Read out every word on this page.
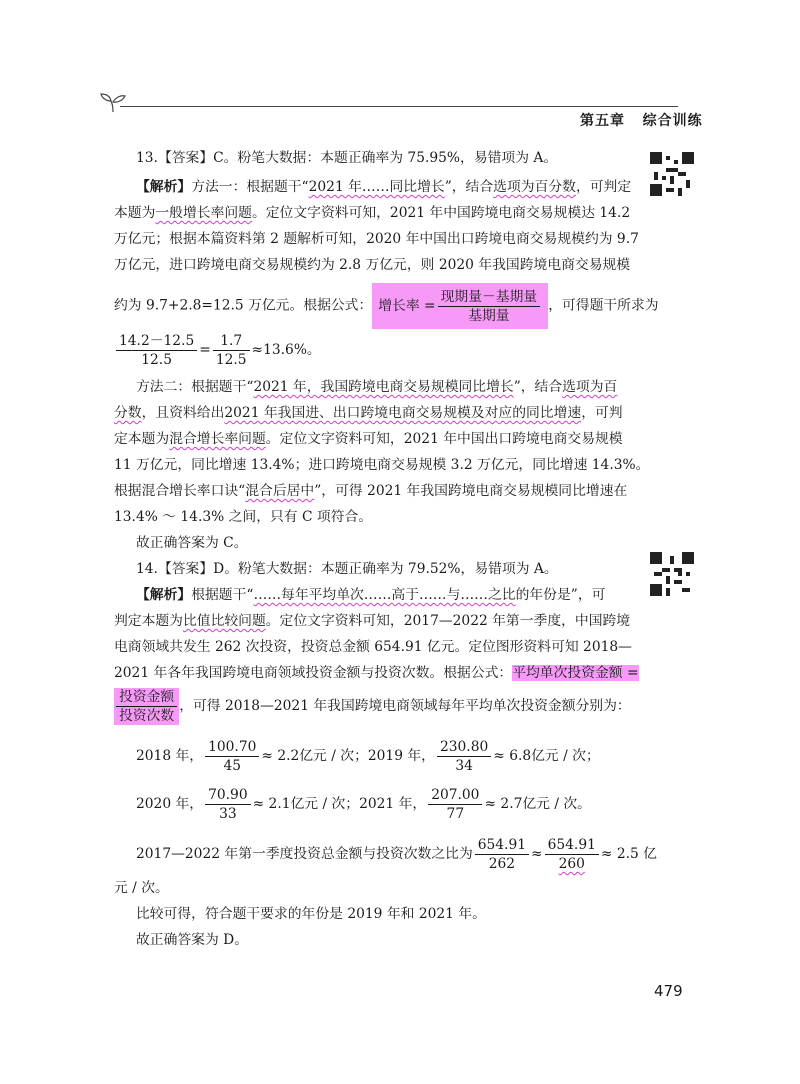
第五章 综合训练
13.【答案】C。粉笔大数据：本题正确率为 75.95%，易错项为 A。
【解析】方法一：根据题干“2021 年……同比增长”，结合选项为百分数，可判定
本题为一般增长率问题。定位文字资料可知，2021 年中国跨境电商交易规模达 14.2
万亿元；根据本篇资料第 2 题解析可知，2020 年中国出口跨境电商交易规模约为 9.7
万亿元，进口跨境电商交易规模约为 2.8 万亿元，则 2020 年我国跨境电商交易规模
约为 9.7+2.8=12.5 万亿元。根据公式： 增长率 = $\frac{\text{现期量－基期量}}{\text{基期量}}$ ，可得题干所求为
$\frac{14.2-12.5}{12.5} = \frac{1.7}{12.5} \approx 13.6\%$。
方法二：根据题干“2021 年，我国跨境电商交易规模同比增长”，结合选项为百
分数，且资料给出2021 年我国进、出口跨境电商交易规模及对应的同比增速，可判
定本题为混合增长率问题。定位文字资料可知，2021 年中国出口跨境电商交易规模
11 万亿元，同比增速 13.4%；进口跨境电商交易规模 3.2 万亿元，同比增速 14.3%。
根据混合增长率口诀“混合后居中”，可得 2021 年我国跨境电商交易规模同比增速在
13.4% ～ 14.3% 之间，只有 C 项符合。
故正确答案为 C。
14.【答案】D。粉笔大数据：本题正确率为 79.52%，易错项为 A。
【解析】根据题干“……每年平均单次……高于……与……之比的年份是”，可
判定本题为比值比较问题。定位文字资料可知，2017—2022 年第一季度，中国跨境
电商领域共发生 262 次投资，投资总金额 654.91 亿元。定位图形资料可知 2018—
2021 年各年我国跨境电商领域投资金额与投资次数。根据公式：平均单次投资金额 =
$\frac{\text{投资金额}}{\text{投资次数}}$ ，可得 2018—2021 年我国跨境电商领域每年平均单次投资金额分别为：
2018 年， $\frac{100.70}{45} \approx 2.2$亿元 / 次；2019 年， $\frac{230.80}{34} \approx 6.8$亿元 / 次；
2020 年， $\frac{70.90}{33} \approx 2.1$亿元 / 次；2021 年， $\frac{207.00}{77} \approx 2.7$亿元 / 次。
2017—2022 年第一季度投资总金额与投资次数之比为 $\frac{654.91}{262} \approx \frac{654.91}{260} \approx 2.5$ 亿
元 / 次。
比较可得，符合题干要求的年份是 2019 年和 2021 年。
故正确答案为 D。
479
